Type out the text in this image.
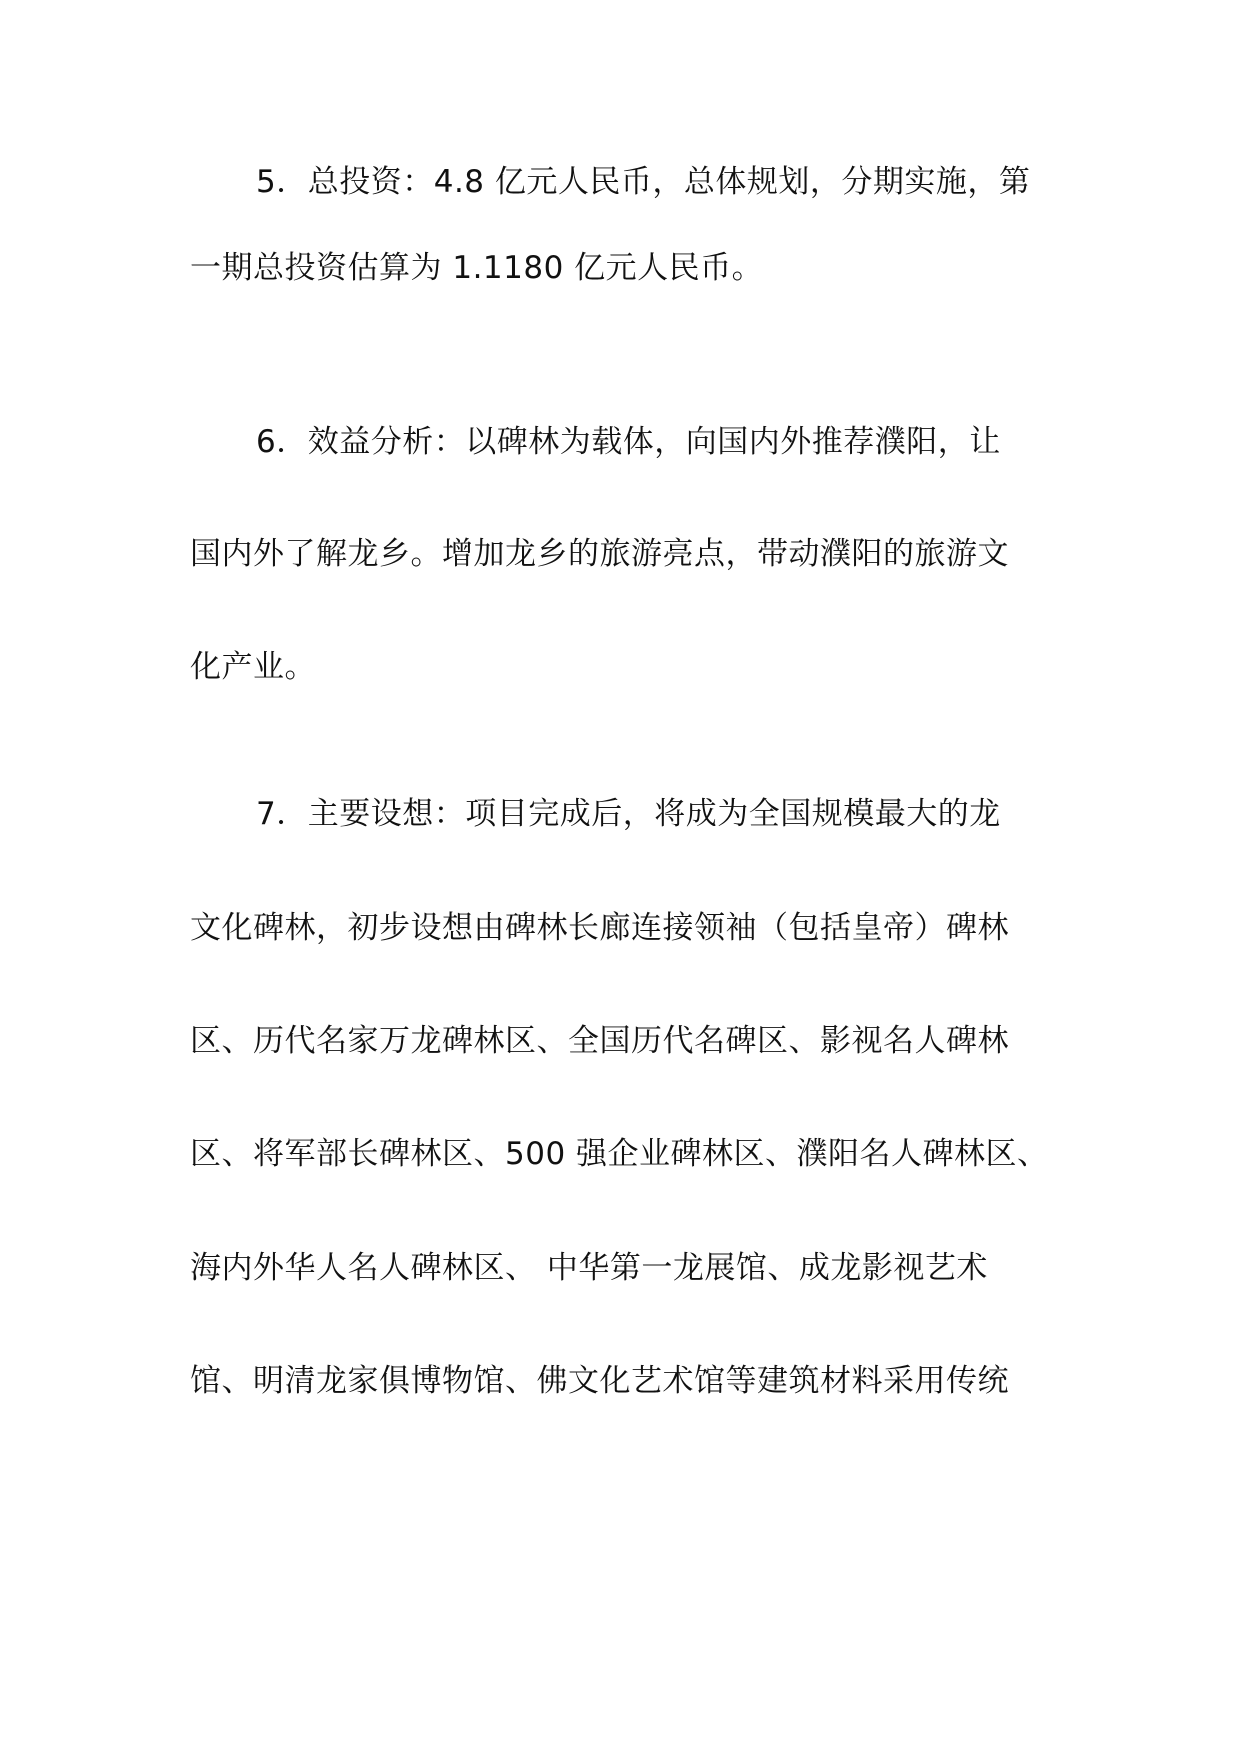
5．总投资：4.8 亿元人民币，总体规划，分期实施，第
一期总投资估算为 1.1180 亿元人民币。
6．效益分析：以碑林为载体，向国内外推荐濮阳，让
国内外了解龙乡。增加龙乡的旅游亮点，带动濮阳的旅游文
化产业。
7．主要设想：项目完成后，将成为全国规模最大的龙
文化碑林，初步设想由碑林长廊连接领袖（包括皇帝）碑林
区、历代名家万龙碑林区、全国历代名碑区、影视名人碑林
区、将军部长碑林区、500 强企业碑林区、濮阳名人碑林区、
海内外华人名人碑林区、 中华第一龙展馆、成龙影视艺术
馆、明清龙家俱博物馆、佛文化艺术馆等建筑材料采用传统
